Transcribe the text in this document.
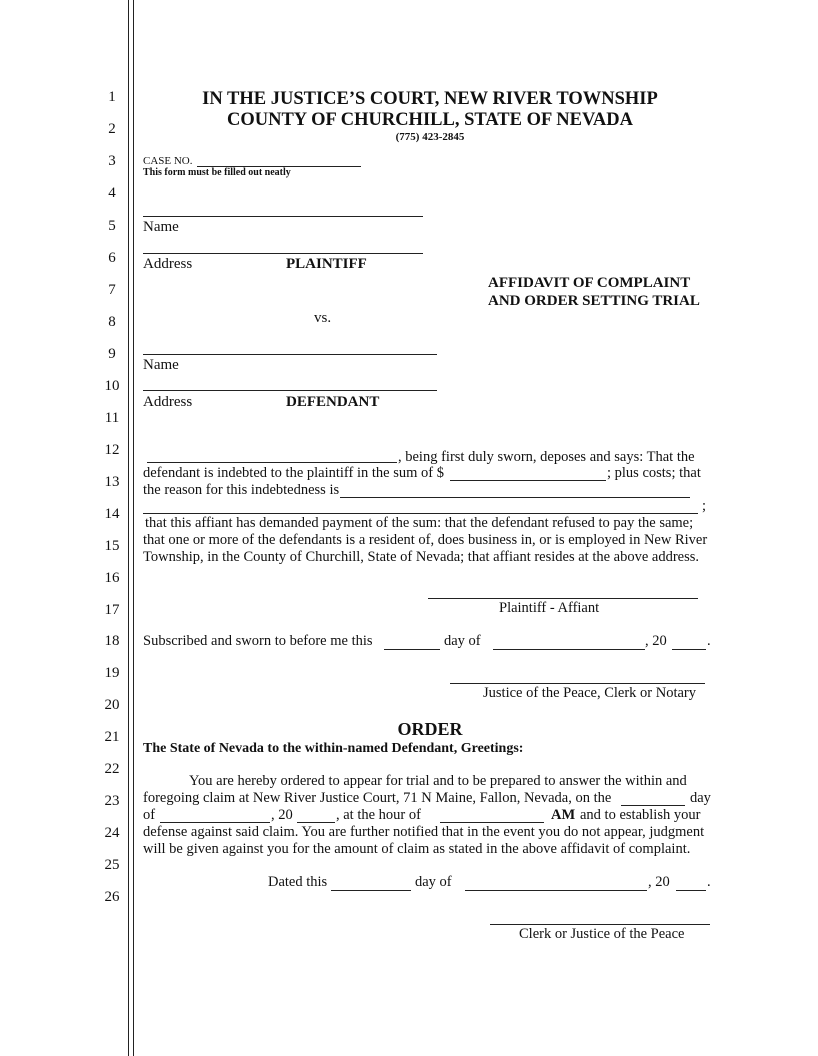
1
2
3
4
5
6
7
8
9
10
11
12
13
14
15
16
17
18
19
20
21
22
23
24
25
26
IN THE JUSTICE’S COURT, NEW RIVER TOWNSHIP
COUNTY OF CHURCHILL, STATE OF NEVADA
(775) 423-2845
CASE NO.
This form must be filled out neatly
Name
Address	PLAINTIFF
AFFIDAVIT OF COMPLAINT
AND ORDER SETTING TRIAL
vs.
Name
Address	DEFENDANT
, being first duly sworn, deposes and says: That the
defendant is indebted to the plaintiff in the sum of $	; plus costs; that
the reason for this indebtedness is
;
that this affiant has demanded payment of the sum: that the defendant refused to pay the same;
that one or more of the defendants is a resident of, does business in, or is employed in New River
Township, in the County of Churchill, State of Nevada; that affiant resides at the above address.
Plaintiff - Affiant
Subscribed and sworn to before me this	day of	, 20	.
Justice of the Peace, Clerk or Notary
ORDER
The State of Nevada to the within-named Defendant, Greetings:
You are hereby ordered to appear for trial and to be prepared to answer the within and
foregoing claim at New River Justice Court, 71 N Maine, Fallon, Nevada, on the	day
of	, 20	, at the hour of	AM and to establish your
defense against said claim. You are further notified that in the event you do not appear, judgment
will be given against you for the amount of claim as stated in the above affidavit of complaint.
Dated this	day of	, 20	.
Clerk or Justice of the Peace
